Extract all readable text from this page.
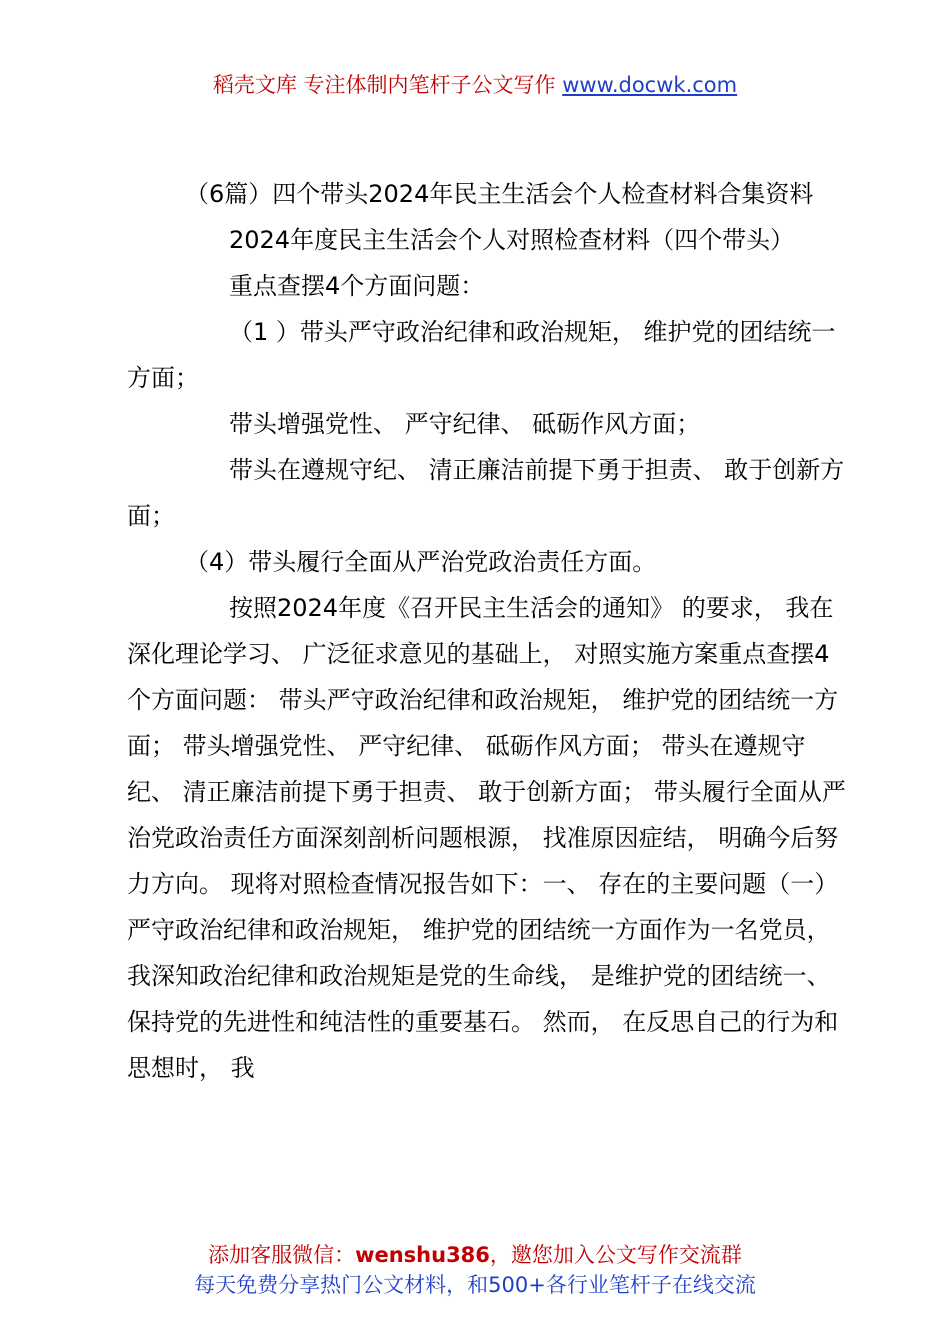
稻壳文库 专注体制内笔杆子公文写作 www.docwk.com

（6篇）四个带头2024年民主生活会个人检查材料合集资料

2024年度民主生活会个人对照检查材料（四个带头）

重点查摆4个方面问题：

（1 ）带头严守政治纪律和政治规矩， 维护党的团结统一方面；

带头增强党性、 严守纪律、 砥砺作风方面；

带头在遵规守纪、 清正廉洁前提下勇于担责、 敢于创新方面；

（4）带头履行全面从严治党政治责任方面。

按照2024年度《召开民主生活会的通知》 的要求， 我在深化理论学习、 广泛征求意见的基础上， 对照实施方案重点查摆4个方面问题： 带头严守政治纪律和政治规矩， 维护党的团结统一方面； 带头增强党性、 严守纪律、 砥砺作风方面； 带头在遵规守纪、 清正廉洁前提下勇于担责、 敢于创新方面； 带头履行全面从严治党政治责任方面深刻剖析问题根源， 找准原因症结， 明确今后努力方向。 现将对照检查情况报告如下：一、 存在的主要问题（一）严守政治纪律和政治规矩， 维护党的团结统一方面作为一名党员， 我深知政治纪律和政治规矩是党的生命线， 是维护党的团结统一、 保持党的先进性和纯洁性的重要基石。 然而， 在反思自己的行为和思想时， 我

添加客服微信：wenshu386，邀您加入公文写作交流群
每天免费分享热门公文材料，和500+各行业笔杆子在线交流
